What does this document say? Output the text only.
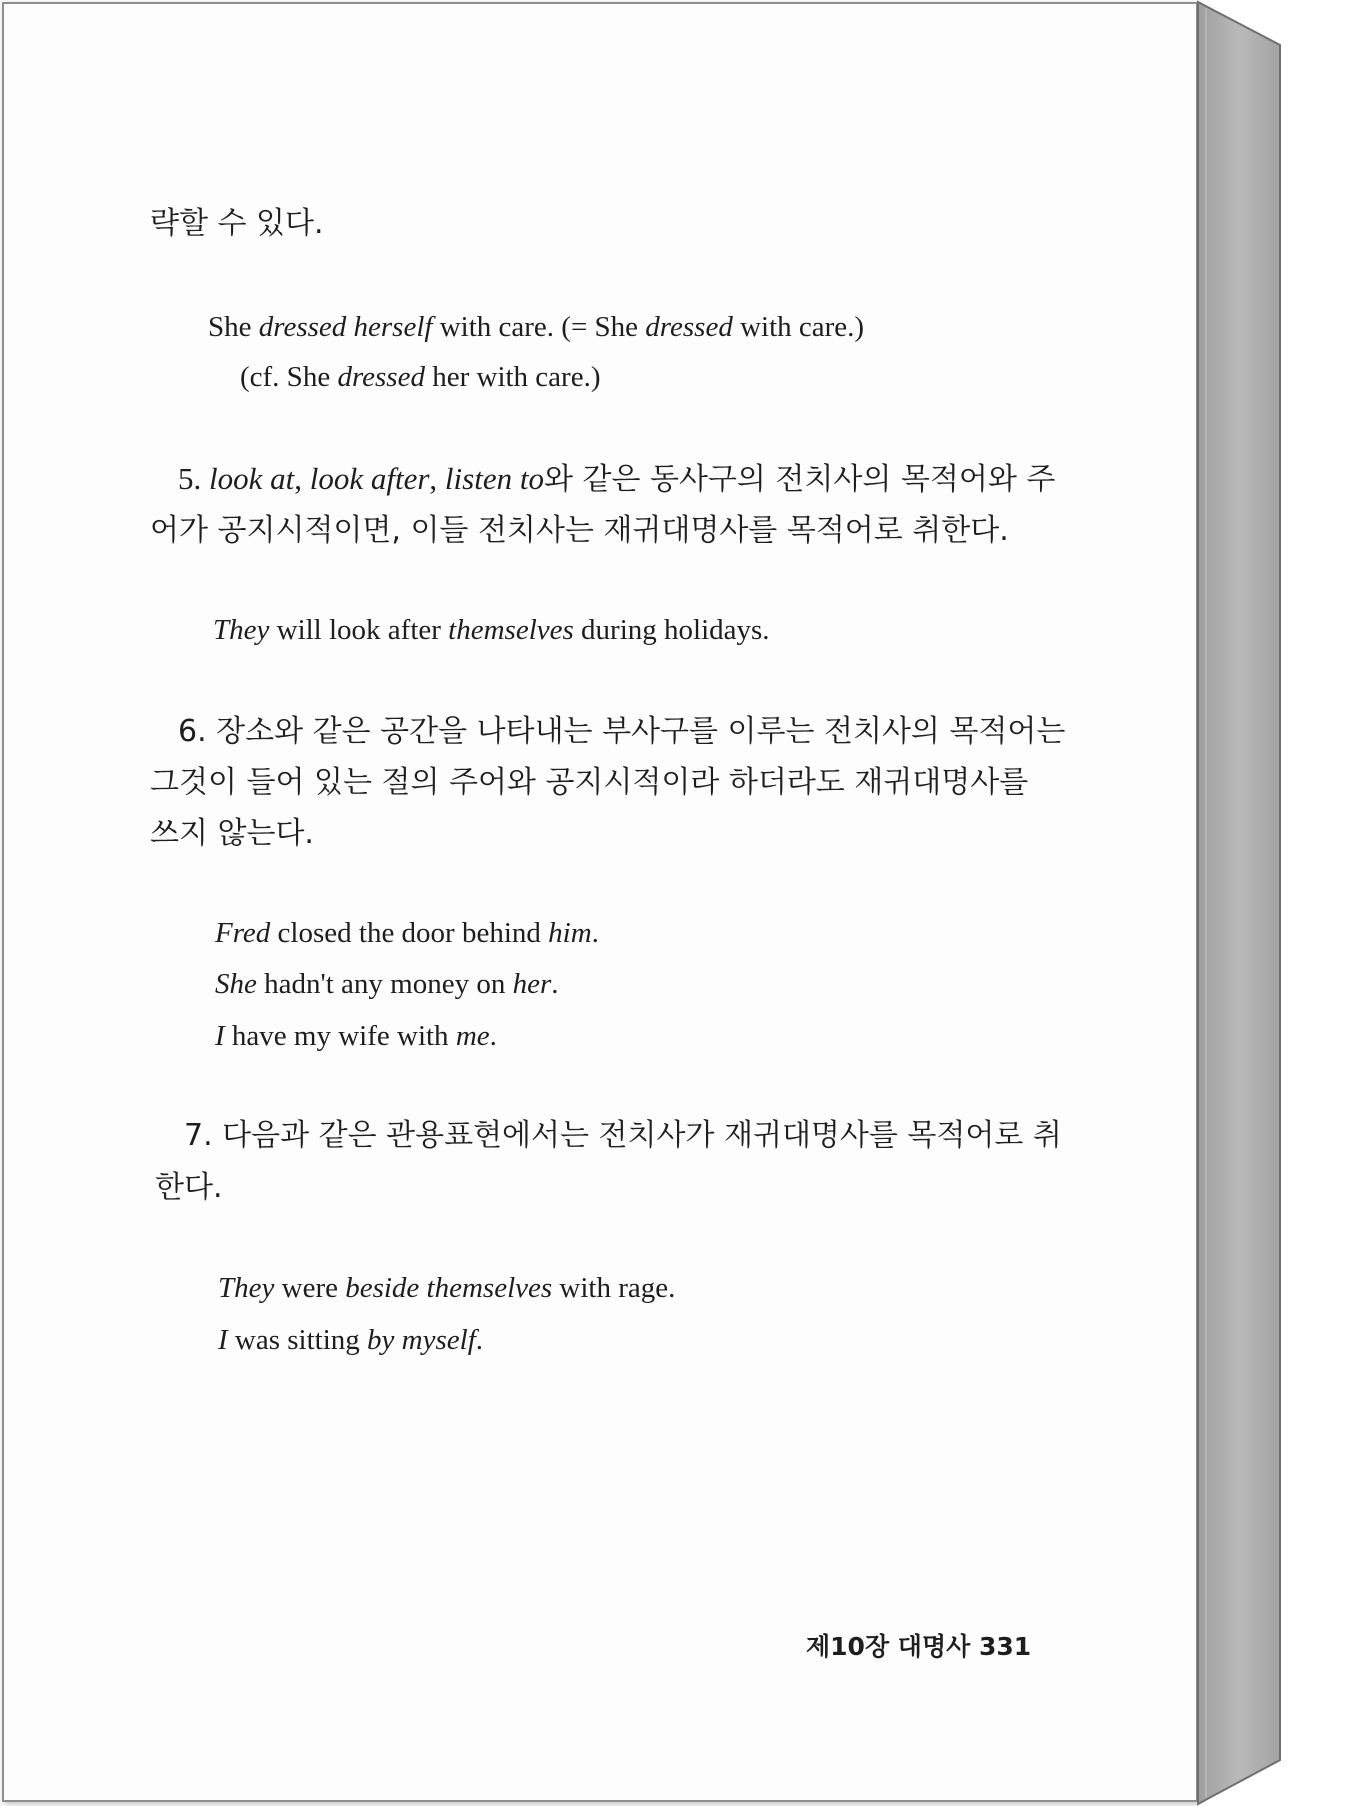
략할 수 있다.
She dressed herself with care. (= She dressed with care.)
(cf. She dressed her with care.)
5. look at, look after, listen to와 같은 동사구의 전치사의 목적어와 주
어가 공지시적이면, 이들 전치사는 재귀대명사를 목적어로 취한다.
They will look after themselves during holidays.
6. 장소와 같은 공간을 나타내는 부사구를 이루는 전치사의 목적어는
그것이 들어 있는 절의 주어와 공지시적이라 하더라도 재귀대명사를
쓰지 않는다.
Fred closed the door behind him.
She hadn't any money on her.
I have my wife with me.
7. 다음과 같은 관용표현에서는 전치사가 재귀대명사를 목적어로 취
한다.
They were beside themselves with rage.
I was sitting by myself.
제10장 대명사 331
